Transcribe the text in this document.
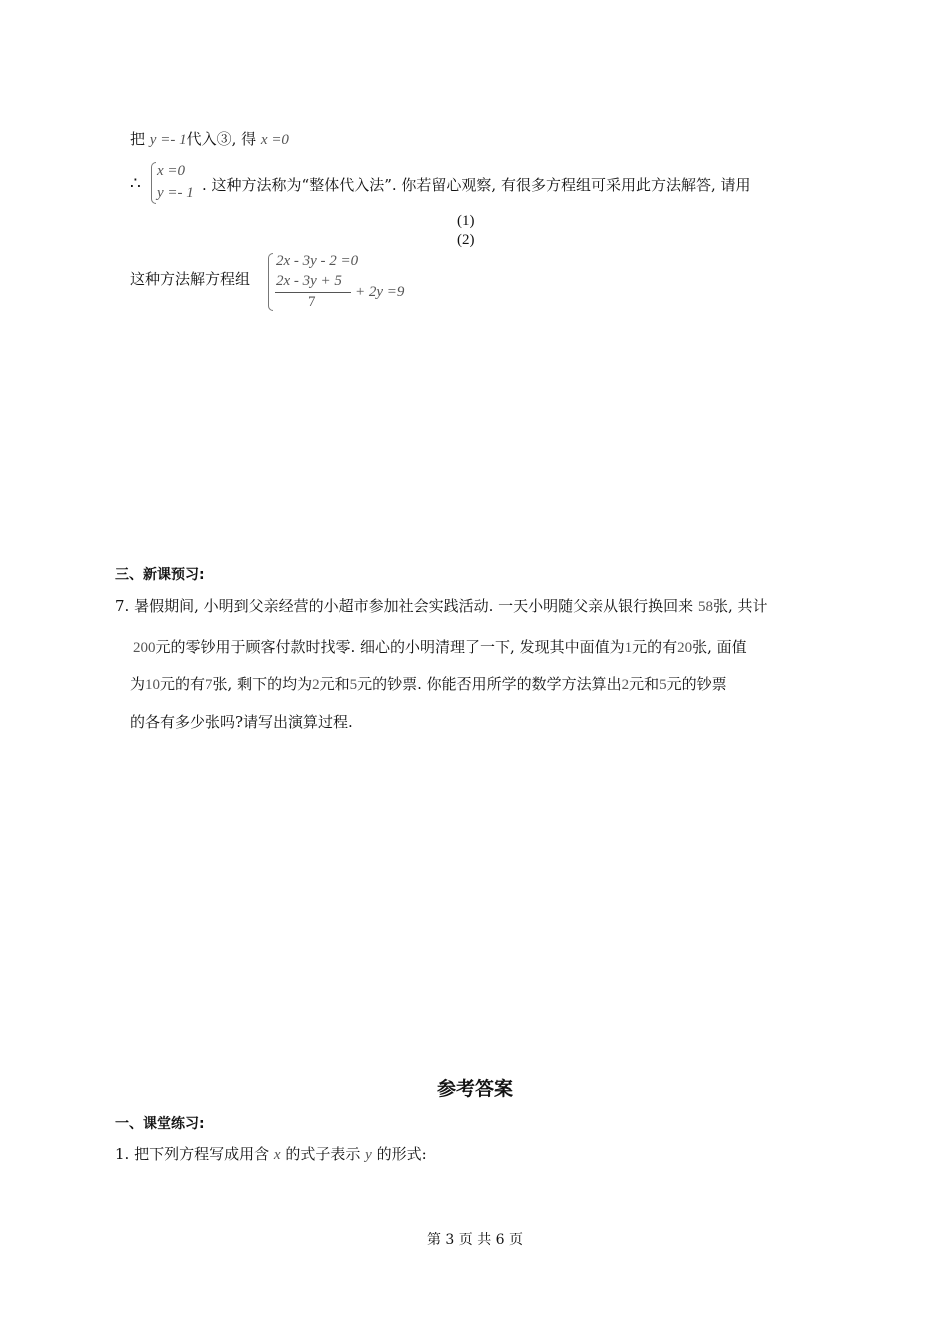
把 y =- 1代入③, 得 x =0
∴
x =0
y =- 1 . 这种方法称为“整体代入法”. 你若留心观察, 有很多方程组可采用此方法解答, 请用
(1)
(2)
这种方法解方程组
2x - 3y - 2 =0
2x - 3y + 5
7
+ 2y =9
三、新课预习:
7. 暑假期间, 小明到父亲经营的小超市参加社会实践活动. 一天小明随父亲从银行换回来 58张, 共计
200元的零钞用于顾客付款时找零. 细心的小明清理了一下, 发现其中面值为1元的有20张, 面值
为10元的有7张, 剩下的均为2元和5元的钞票. 你能否用所学的数学方法算出2元和5元的钞票
的各有多少张吗?请写出演算过程.
参考答案
一、课堂练习:
1. 把下列方程写成用含 x 的式子表示 y 的形式:
第 3 页 共 6 页
